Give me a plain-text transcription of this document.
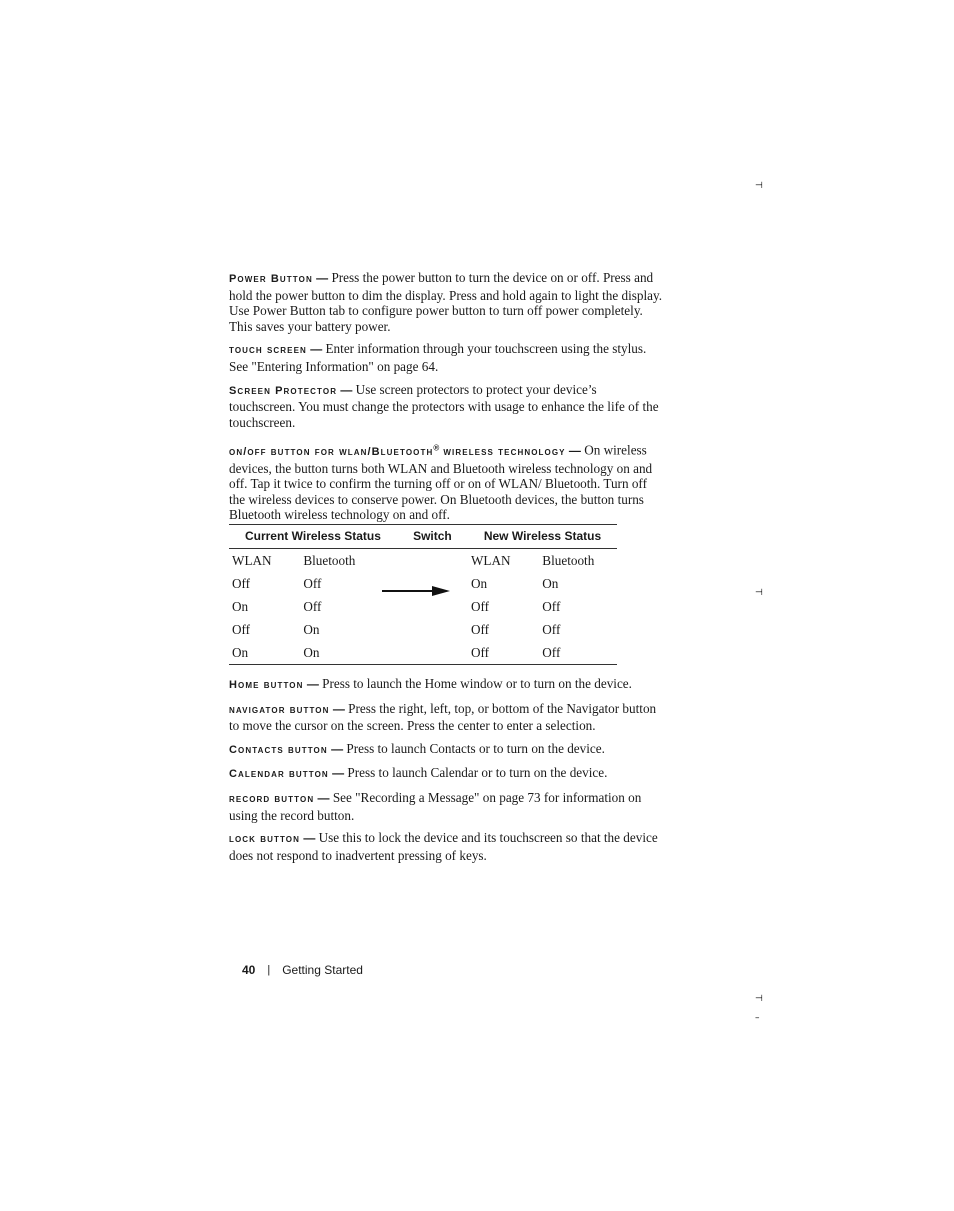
⊣
⊣
⊣
–

Power Button — Press the power button to turn the device on or off. Press and hold the power button to dim the display. Press and hold again to light the display. Use Power Button tab to configure power button to turn off power completely. This saves your battery power.

touch screen — Enter information through your touchscreen using the stylus. See "Entering Information" on page 64.

Screen Protector — Use screen protectors to protect your device’s touchscreen. You must change the protectors with usage to enhance the life of the touchscreen.

on/off button for wlan/Bluetooth® wireless technology — On wireless devices, the button turns both WLAN and Bluetooth wireless technology on and off. Tap it twice to confirm the turning off or on of WLAN/ Bluetooth. Turn off the wireless devices to conserve power. On Bluetooth devices, the button turns Bluetooth wireless technology on and off.

Current Wireless Status		Switch	New Wireless Status	
WLAN	Bluetooth		WLAN	Bluetooth
Off	Off		On	On
On	Off		Off	Off
Off	On		Off	Off
On	On		Off	Off

Home button — Press to launch the Home window or to turn on the device.

navigator button — Press the right, left, top, or bottom of the Navigator button to move the cursor on the screen. Press the center to enter a selection.

Contacts button — Press to launch Contacts or to turn on the device.

Calendar button — Press to launch Calendar or to turn on the device.

record button — See "Recording a Message" on page 73 for information on using the record button.

lock button — Use this to lock the device and its touchscreen so that the device does not respond to inadvertent pressing of keys.

40 | Getting Started
